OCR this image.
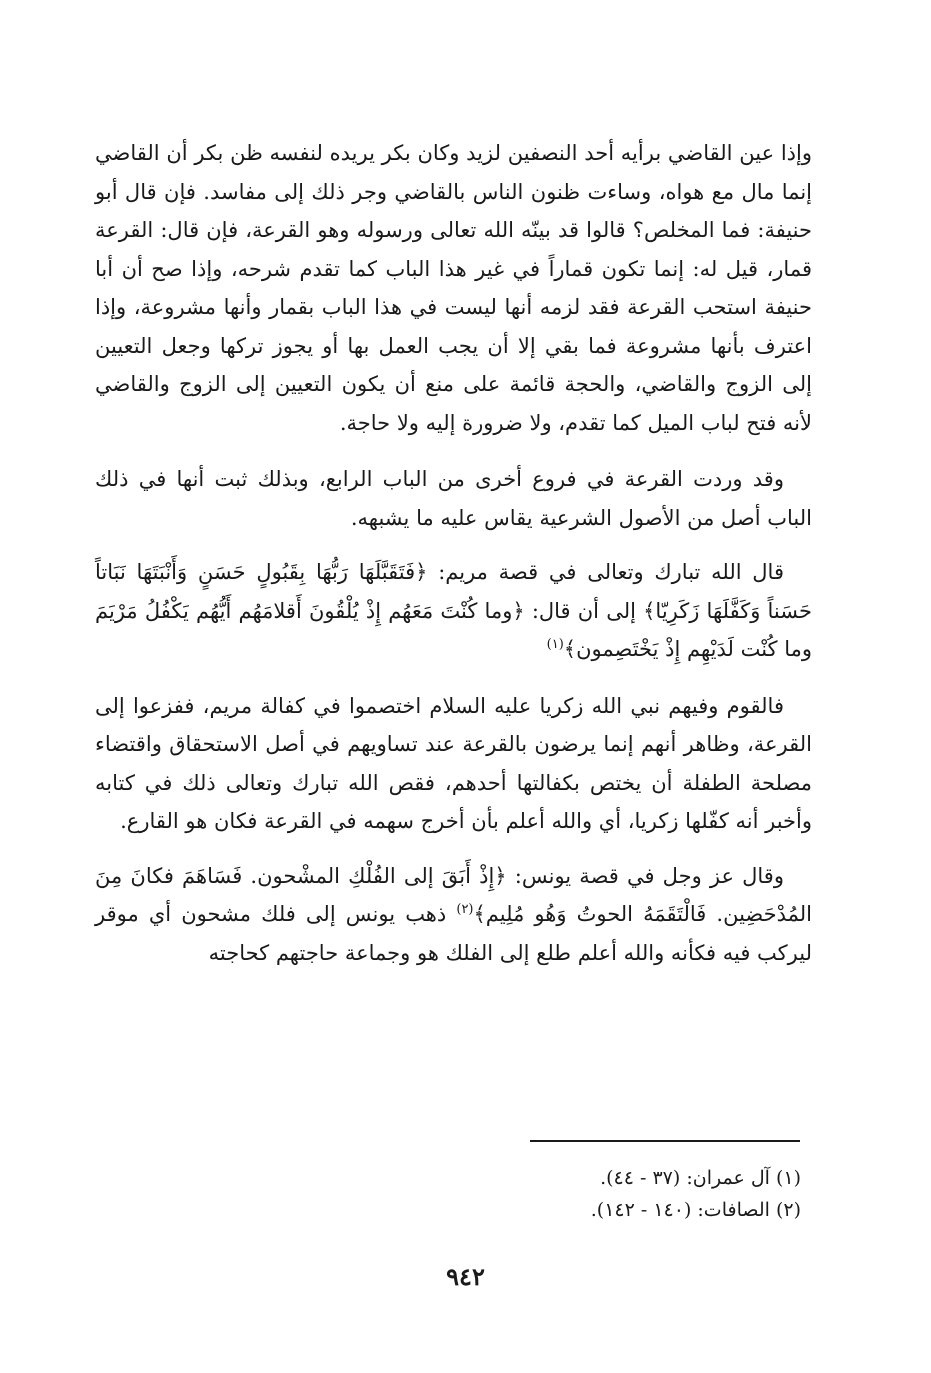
وإذا عين القاضي برأيه أحد النصفين لزيد وكان بكر يريده لنفسه ظن بكر أن القاضي إنما مال مع هواه، وساءت ظنون الناس بالقاضي وجر ذلك إلى مفاسد. فإن قال أبو حنيفة: فما المخلص؟ قالوا قد بينّه الله تعالى ورسوله وهو القرعة، فإن قال: القرعة قمار، قيل له: إنما تكون قماراً في غير هذا الباب كما تقدم شرحه، وإذا صح أن أبا حنيفة استحب القرعة فقد لزمه أنها ليست في هذا الباب بقمار وأنها مشروعة، وإذا اعترف بأنها مشروعة فما بقي إلا أن يجب العمل بها أو يجوز تركها وجعل التعيين إلى الزوج والقاضي، والحجة قائمة على منع أن يكون التعيين إلى الزوج والقاضي لأنه فتح لباب الميل كما تقدم، ولا ضرورة إليه ولا حاجة.

وقد وردت القرعة في فروع أخرى من الباب الرابع، وبذلك ثبت أنها في ذلك الباب أصل من الأصول الشرعية يقاس عليه ما يشبهه.

قال الله تبارك وتعالى في قصة مريم: ﴿فَتَقَبَّلَهَا رَبُّهَا بِقَبُولٍ حَسَنٍ وَأَنْبَتَهَا نَبَاتاً حَسَناً وَكَفَّلَهَا زَكَرِيّا﴾ إلى أن قال: ﴿وما كُنْتَ مَعَهُم إِذْ يُلْقُونَ أَقلامَهُم أَيُّهُم يَكْفُلُ مَرْيَمَ وما كُنْت لَدَيْهِم إِذْ يَخْتَصِمون﴾$^{(١)}$

فالقوم وفيهم نبي الله زكريا عليه السلام اختصموا في كفالة مريم، ففزعوا إلى القرعة، وظاهر أنهم إنما يرضون بالقرعة عند تساويهم في أصل الاستحقاق واقتضاء مصلحة الطفلة أن يختص بكفالتها أحدهم، فقص الله تبارك وتعالى ذلك في كتابه وأخبر أنه كفّلها زكريا، أي والله أعلم بأن أخرج سهمه في القرعة فكان هو القارع.

وقال عز وجل في قصة يونس: ﴿إِذْ أَبَقَ إلى الفُلْكِ المشْحون. فَسَاهَمَ فكانَ مِنَ المُدْحَضِين. فَالْتَقَمَهُ الحوتُ وَهُو مُلِيم﴾$^{(٢)}$ ذهب يونس إلى فلك مشحون أي موقر ليركب فيه فكأنه والله أعلم طلع إلى الفلك هو وجماعة حاجتهم كحاجته

(١) آل عمران: (٣٧ - ٤٤).

(٢) الصافات: (١٤٠ - ١٤٢).

٩٤٢
